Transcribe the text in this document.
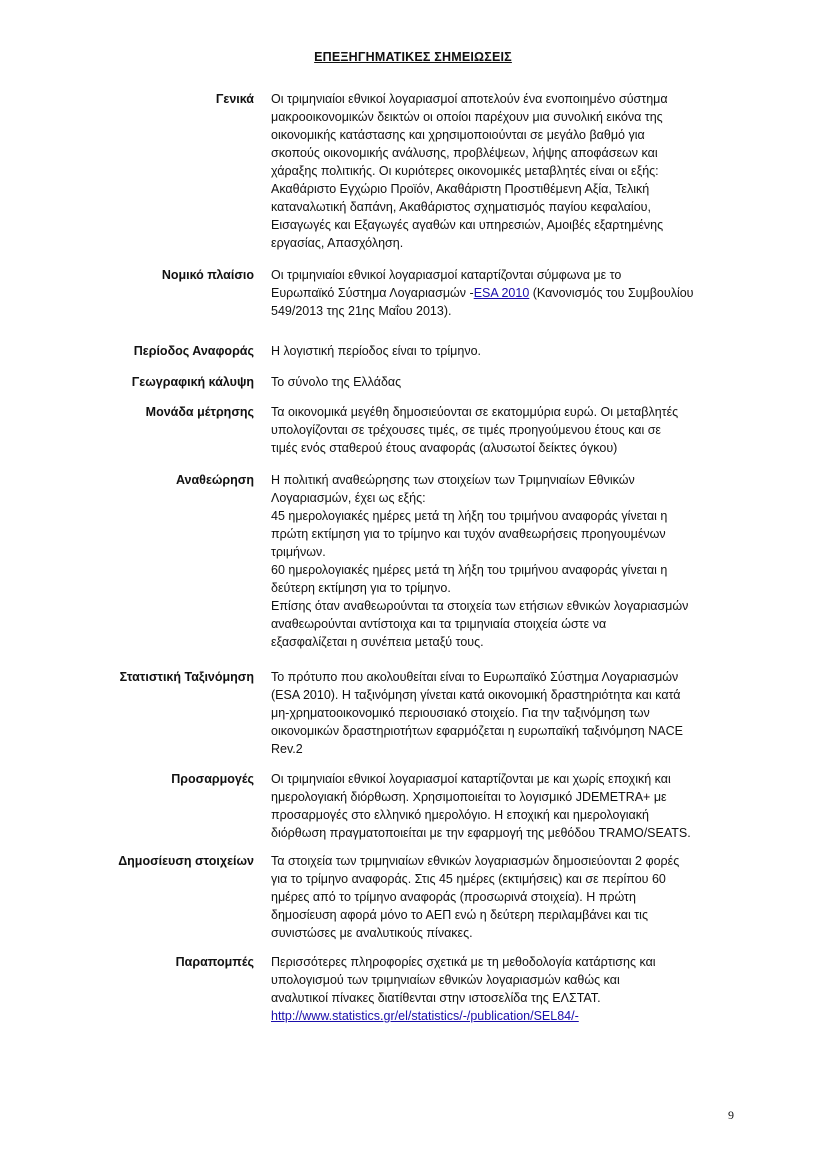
ΕΠΕΞΗΓΗΜΑΤΙΚΕΣ ΣΗΜΕΙΩΣΕΙΣ
Γενικά Οι τριμηνιαίοι εθνικοί λογαριασμοί αποτελούν ένα ενοποιημένο σύστημα
μακροοικονομικών δεικτών οι οποίοι παρέχουν μια συνολική εικόνα της
οικονομικής κατάστασης και χρησιμοποιούνται σε μεγάλο βαθμό για
σκοπούς οικονομικής ανάλυσης, προβλέψεων, λήψης αποφάσεων και
χάραξης πολιτικής. Οι κυριότερες οικονομικές μεταβλητές είναι οι εξής:
Ακαθάριστο Εγχώριο Προϊόν, Ακαθάριστη Προστιθέμενη Αξία, Τελική
καταναλωτική δαπάνη, Ακαθάριστος σχηματισμός παγίου κεφαλαίου,
Εισαγωγές και Εξαγωγές αγαθών και υπηρεσιών, Αμοιβές εξαρτημένης
εργασίας, Απασχόληση.
Νομικό πλαίσιο Οι τριμηνιαίοι εθνικοί λογαριασμοί καταρτίζονται σύμφωνα με το
Ευρωπαϊκό Σύστημα Λογαριασμών -ESA 2010 (Κανονισμός του Συμβουλίου
549/2013 της 21ης Μαΐου 2013).
Περίοδος Αναφοράς Η λογιστική περίοδος είναι το τρίμηνο.
Γεωγραφική κάλυψη Το σύνολο της Ελλάδας
Μονάδα μέτρησης Τα οικονομικά μεγέθη δημοσιεύονται σε εκατομμύρια ευρώ. Οι μεταβλητές
υπολογίζονται σε τρέχουσες τιμές, σε τιμές προηγούμενου έτους και σε
τιμές ενός σταθερού έτους αναφοράς (αλυσωτοί δείκτες όγκου)
Αναθεώρηση Η πολιτική αναθεώρησης των στοιχείων των Τριμηνιαίων Εθνικών
Λογαριασμών, έχει ως εξής:
45 ημερολογιακές ημέρες μετά τη λήξη του τριμήνου αναφοράς γίνεται η
πρώτη εκτίμηση για το τρίμηνο και τυχόν αναθεωρήσεις προηγουμένων
τριμήνων.
60 ημερολογιακές ημέρες μετά τη λήξη του τριμήνου αναφοράς γίνεται η
δεύτερη εκτίμηση για το τρίμηνο.
Επίσης όταν αναθεωρούνται τα στοιχεία των ετήσιων εθνικών λογαριασμών
αναθεωρούνται αντίστοιχα και τα τριμηνιαία στοιχεία ώστε να
εξασφαλίζεται η συνέπεια μεταξύ τους.
Στατιστική Ταξινόμηση Το πρότυπο που ακολουθείται είναι το Ευρωπαϊκό Σύστημα Λογαριασμών
(ESA 2010). Η ταξινόμηση γίνεται κατά οικονομική δραστηριότητα και κατά
μη-χρηματοοικονομικό περιουσιακό στοιχείο. Για την ταξινόμηση των
οικονομικών δραστηριοτήτων εφαρμόζεται η ευρωπαϊκή ταξινόμηση NACE
Rev.2
Προσαρμογές Οι τριμηνιαίοι εθνικοί λογαριασμοί καταρτίζονται με και χωρίς εποχική και
ημερολογιακή διόρθωση. Χρησιμοποιείται το λογισμικό JDEMETRA+ με
προσαρμογές στο ελληνικό ημερολόγιο. Η εποχική και ημερολογιακή
διόρθωση πραγματοποιείται με την εφαρμογή της μεθόδου TRAMO/SEATS.
Δημοσίευση στοιχείων Τα στοιχεία των τριμηνιαίων εθνικών λογαριασμών δημοσιεύονται 2 φορές
για το τρίμηνο αναφοράς. Στις 45 ημέρες (εκτιμήσεις) και σε περίπου 60
ημέρες από το τρίμηνο αναφοράς (προσωρινά στοιχεία). Η πρώτη
δημοσίευση αφορά μόνο το ΑΕΠ ενώ η δεύτερη περιλαμβάνει και τις
συνιστώσες με αναλυτικούς πίνακες.
Παραπομπές Περισσότερες πληροφορίες σχετικά με τη μεθοδολογία κατάρτισης και
υπολογισμού των τριμηνιαίων εθνικών λογαριασμών καθώς και
αναλυτικοί πίνακες διατίθενται στην ιστοσελίδα της ΕΛΣΤΑΤ.
http://www.statistics.gr/el/statistics/-/publication/SEL84/-
9
